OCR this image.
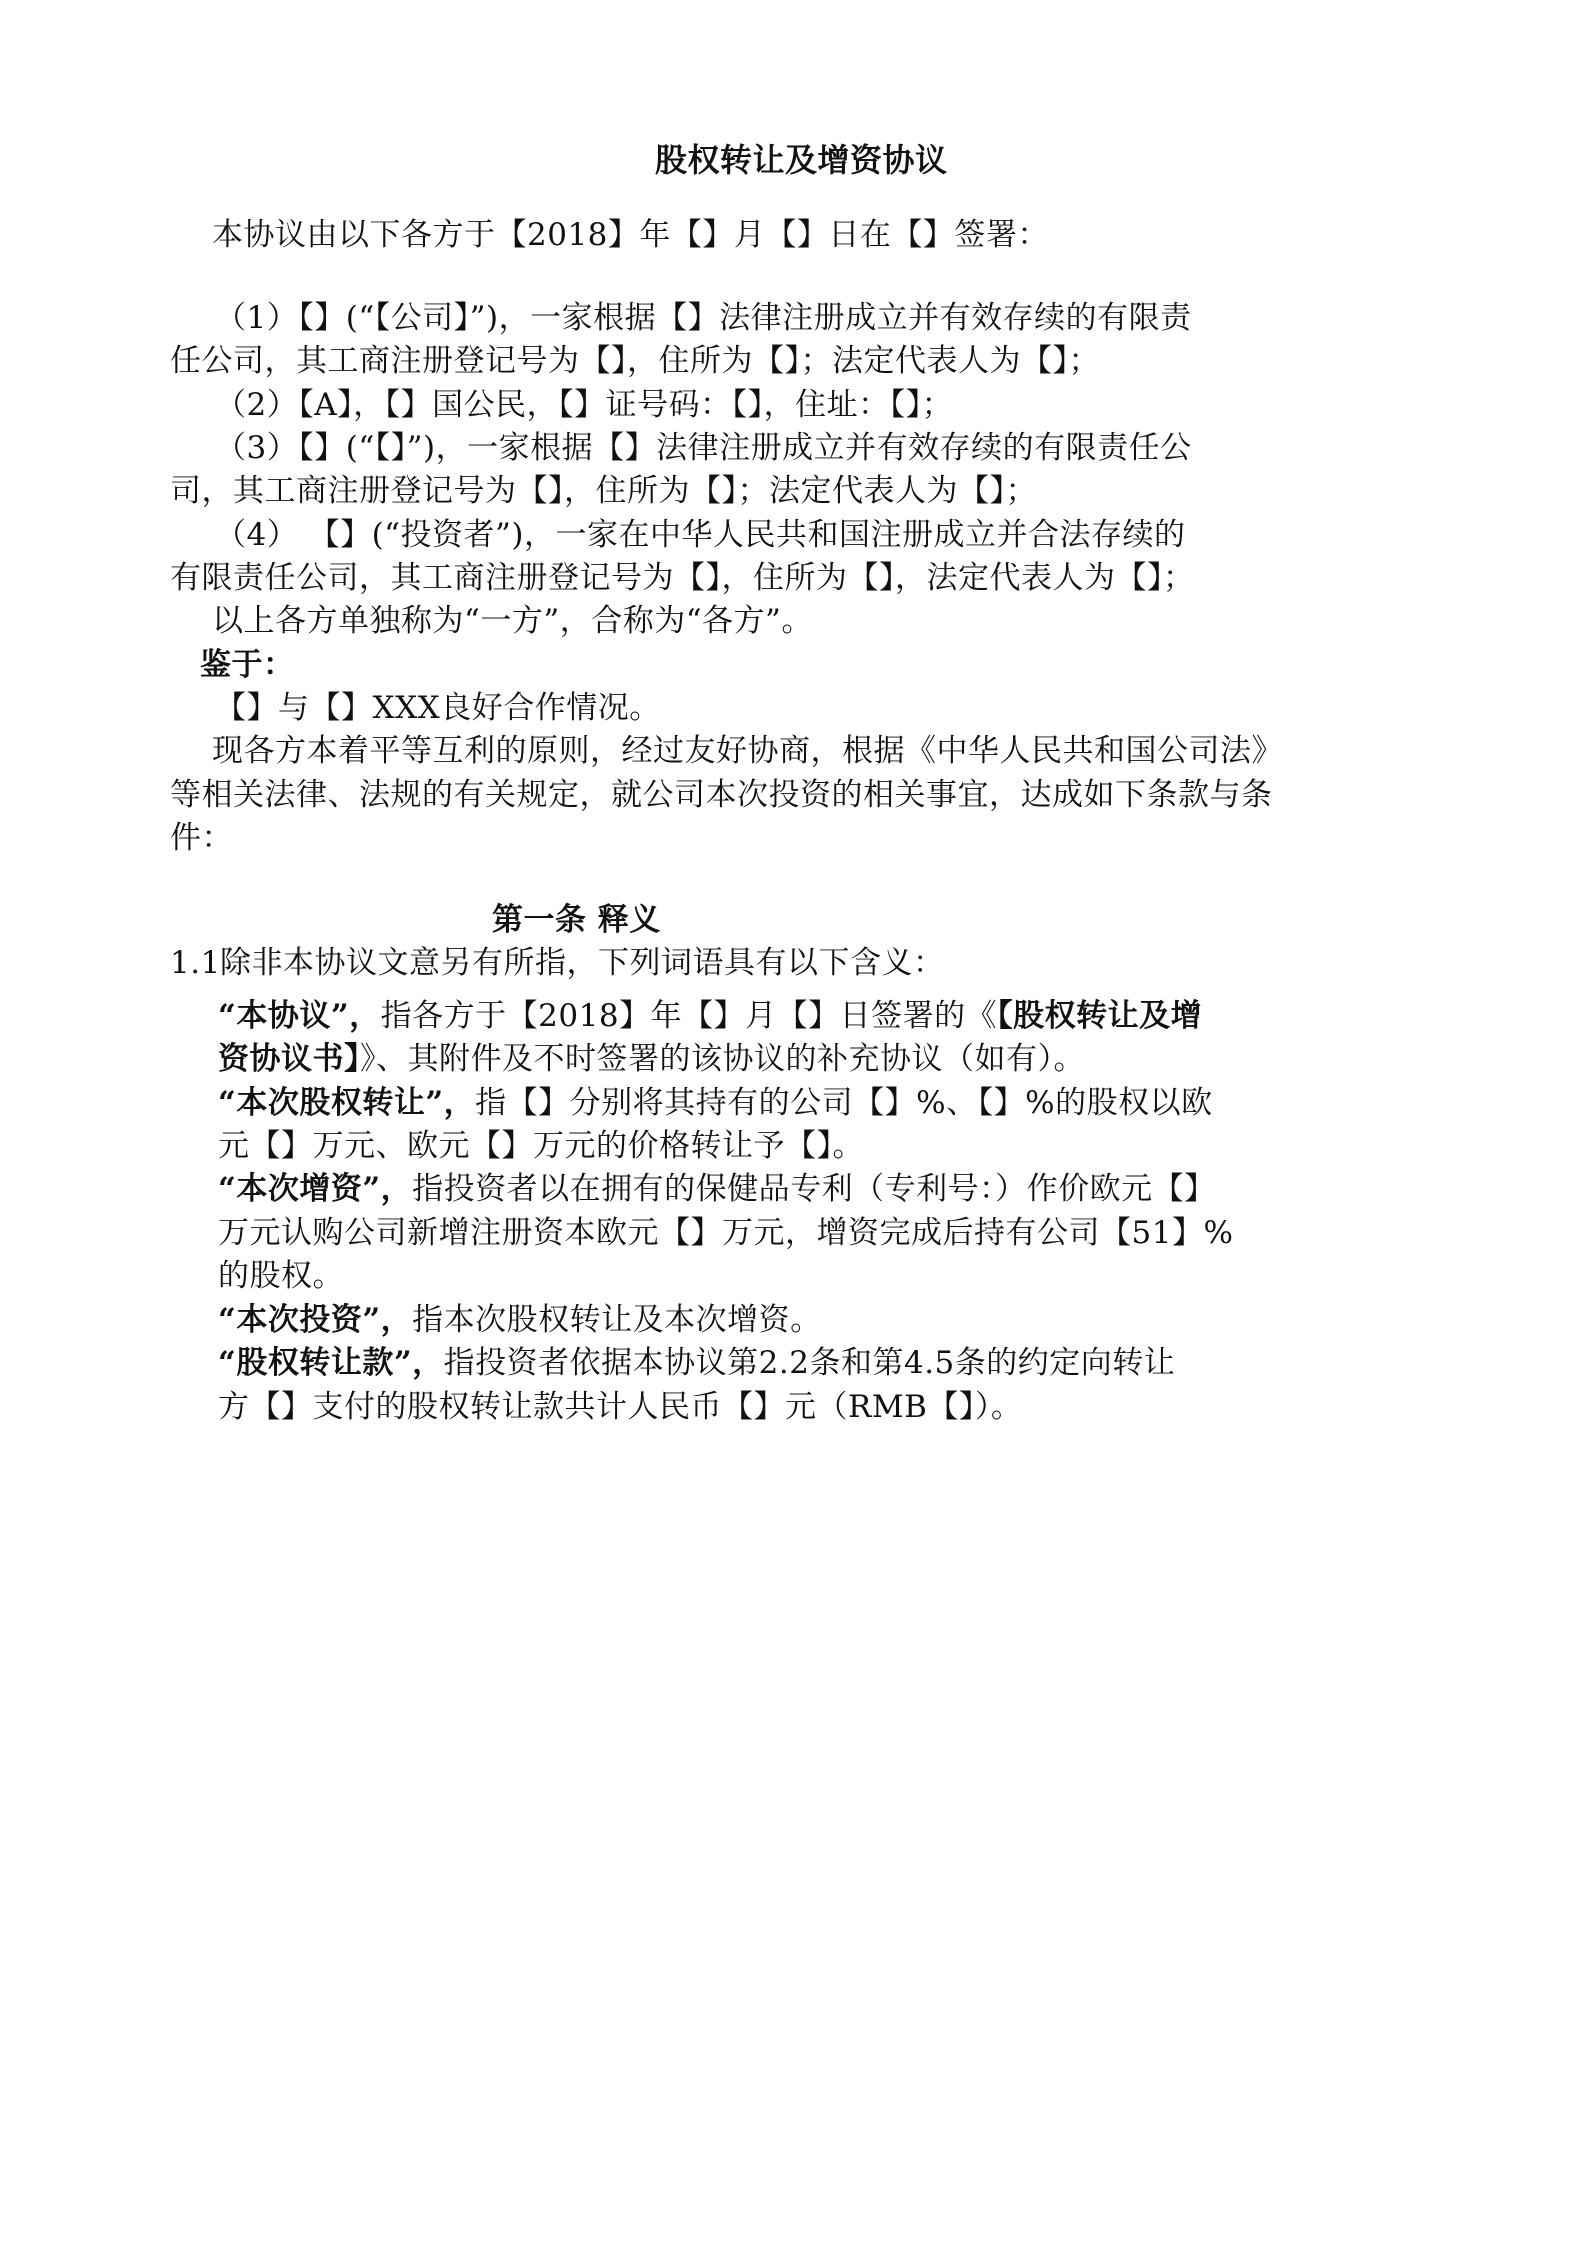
股权转让及增资协议

本协议由以下各方于【2018】年【】月【】日在【】签署：

（1）【】(“【公司】”)，一家根据【】法律注册成立并有效存续的有限责

任公司，其工商注册登记号为【】，住所为【】；法定代表人为【】；

（2）【A】，【】国公民，【】证号码：【】，住址：【】；

（3）【】(“【】”)，一家根据【】法律注册成立并有效存续的有限责任公

司，其工商注册登记号为【】，住所为【】；法定代表人为【】；

（4） 【】(“投资者”)，一家在中华人民共和国注册成立并合法存续的

有限责任公司，其工商注册登记号为【】，住所为【】，法定代表人为【】；

以上各方单独称为“一方”，合称为“各方”。

鉴于：

【】与【】XXX良好合作情况。

现各方本着平等互利的原则，经过友好协商，根据《中华人民共和国公司法》

等相关法律、法规的有关规定，就公司本次投资的相关事宜，达成如下条款与条

件：

第一条 释义

1.1 除非本协议文意另有所指，下列词语具有以下含义：

“本协议”，指各方于【2018】年【】月【】日签署的《【股权转让及增

资协议书】》、其附件及不时签署的该协议的补充协议（如有）。

“本次股权转让”，指【】分别将其持有的公司【】%、【】%的股权以欧

元【】万元、欧元【】万元的价格转让予【】。

“本次增资”，指投资者以在拥有的保健品专利（专利号：）作价欧元【】

万元认购公司新增注册资本欧元【】万元，增资完成后持有公司【51】%

的股权。

“本次投资”，指本次股权转让及本次增资。

“股权转让款”，指投资者依据本协议第2.2条和第4.5条的约定向转让

方【】支付的股权转让款共计人民币【】元（RMB【】）。
